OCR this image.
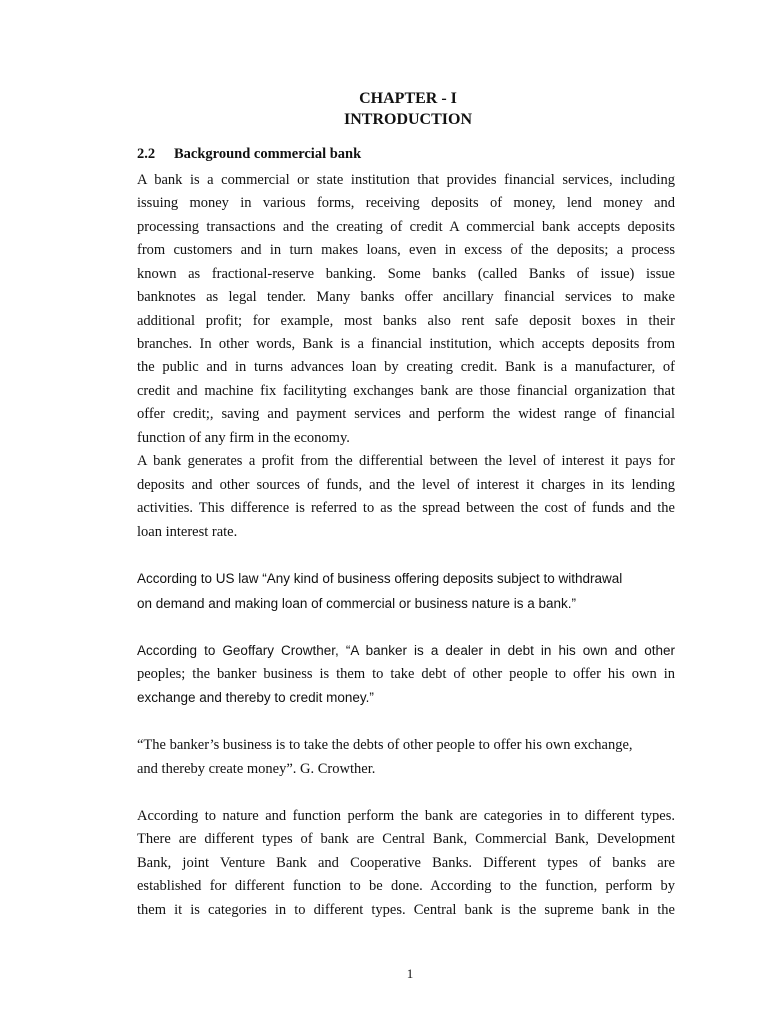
CHAPTER - I
INTRODUCTION
2.2 Background commercial bank
A bank is a commercial or state institution that provides financial services, including
issuing money in various forms, receiving deposits of money, lend money and
processing transactions and the creating of credit A commercial bank accepts deposits
from customers and in turn makes loans, even in excess of the deposits; a process
known as fractional-reserve banking. Some banks (called Banks of issue) issue
banknotes as legal tender. Many banks offer ancillary financial services to make
additional profit; for example, most banks also rent safe deposit boxes in their
branches. In other words, Bank is a financial institution, which accepts deposits from
the public and in turns advances loan by creating credit. Bank is a manufacturer, of
credit and machine fix facilityting exchanges bank are those financial organization that
offer credit;, saving and payment services and perform the widest range of financial
function of any firm in the economy.
A bank generates a profit from the differential between the level of interest it pays for
deposits and other sources of funds, and the level of interest it charges in its lending
activities. This difference is referred to as the spread between the cost of funds and the
loan interest rate.
According to US law “Any kind of business offering deposits subject to withdrawal
on demand and making loan of commercial or business nature is a bank.”
According to Geoffary Crowther, “A banker is a dealer in debt in his own and other
peoples; the banker business is them to take debt of other people to offer his own in
exchange and thereby to credit money.”
“The banker’s business is to take the debts of other people to offer his own exchange,
and thereby create money”. G. Crowther.
According to nature and function perform the bank are categories in to different types.
There are different types of bank are Central Bank, Commercial Bank, Development
Bank, joint Venture Bank and Cooperative Banks. Different types of banks are
established for different function to be done. According to the function, perform by
them it is categories in to different types. Central bank is the supreme bank in the
1
